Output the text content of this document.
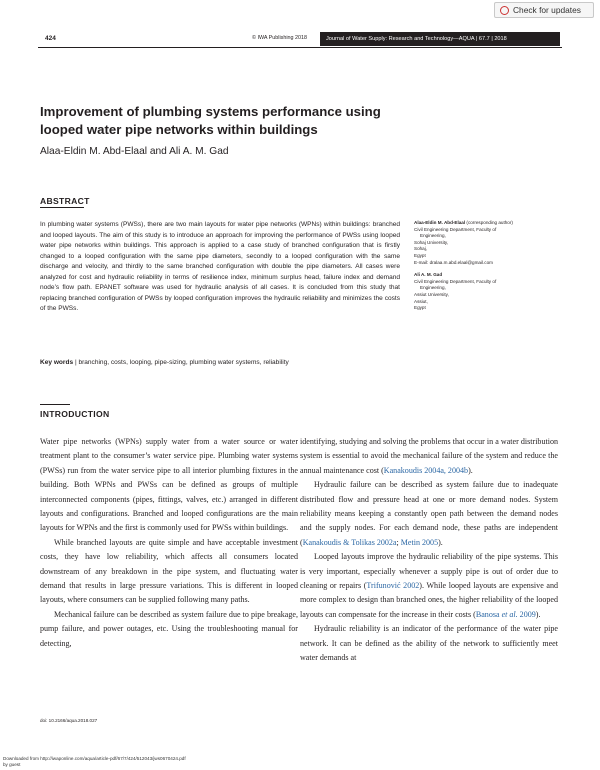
Check for updates
424	© IWA Publishing 2018	Journal of Water Supply: Research and Technology—AQUA | 67.7 | 2018
Improvement of plumbing systems performance using
looped water pipe networks within buildings
Alaa-Eldin M. Abd-Elaal and Ali A. M. Gad
ABSTRACT
In plumbing water systems (PWSs), there are two main layouts for water pipe networks (WPNs) within buildings: branched and looped layouts. The aim of this study is to introduce an approach for improving the performance of PWSs using looped water pipe networks within buildings. This approach is applied to a case study of branched configuration that is firstly changed to a looped configuration with the same pipe diameters, secondly to a looped configuration with the same discharge and velocity, and thirdly to the same branched configuration with double the pipe diameters. All cases were analyzed for cost and hydraulic reliability in terms of resilience index, minimum surplus head, failure index and demand node’s flow path. EPANET software was used for hydraulic analysis of all cases. It is concluded from this study that replacing branched configuration of PWSs by looped configuration improves the hydraulic reliability and minimizes the costs of the PWSs.
Key words | branching, costs, looping, pipe-sizing, plumbing water systems, reliability
Alaa-Eldin M. Abd-Elaal (corresponding author)
Civil Engineering Department, Faculty of
Engineering,
Sohaj University,
Sohaj,
Egypt
E-mail: dralaa.m.abd.elaal@gmail.com
Ali A. M. Gad
Civil Engineering Department, Faculty of
Engineering,
Assiut University,
Assiut,
Egypt
INTRODUCTION

Water pipe networks (WPNs) supply water from a water source or water treatment plant to the consumer’s water service pipe. Plumbing water systems (PWSs) run from the water service pipe to all interior plumbing fixtures in the building. Both WPNs and PWSs can be defined as groups of multiple interconnected components (pipes, fittings, valves, etc.) arranged in different layouts and configurations. Branched and looped configurations are the main layouts for WPNs and the first is commonly used for PWSs within buildings.

While branched layouts are quite simple and have acceptable investment costs, they have low reliability, which affects all consumers located downstream of any breakdown in the pipe system, and fluctuating water demand that results in large pressure variations. This is different in looped layouts, where consumers can be supplied following many paths.

Mechanical failure can be described as system failure due to pipe breakage, pump failure, and power outages, etc. Using the troubleshooting manual for detecting,

identifying, studying and solving the problems that occur in a water distribution system is essential to avoid the mechanical failure of the system and reduce the annual maintenance cost (Kanakoudis 2004a, 2004b).

Hydraulic failure can be described as system failure due to inadequate distributed flow and pressure head at one or more demand nodes. System reliability means keeping a constantly open path between the demand nodes and the supply nodes. For each demand node, these paths are independent (Kanakoudis & Tolikas 2002a; Metin 2005).

Looped layouts improve the hydraulic reliability of the pipe systems. This is very important, especially whenever a supply pipe is out of order due to cleaning or repairs (Trifunović 2002). While looped layouts are expensive and more complex to design than branched ones, the higher reliability of the looped layouts can compensate for the increase in their costs (Banosa et al. 2009).

Hydraulic reliability is an indicator of the performance of the water pipe network. It can be defined as the ability of the network to sufficiently meet water demands at

doi: 10.2166/aqua.2018.027
Downloaded from http://iwaponline.com/aqua/article-pdf/67/7/424/512043/jws0670424.pdf
by guest
